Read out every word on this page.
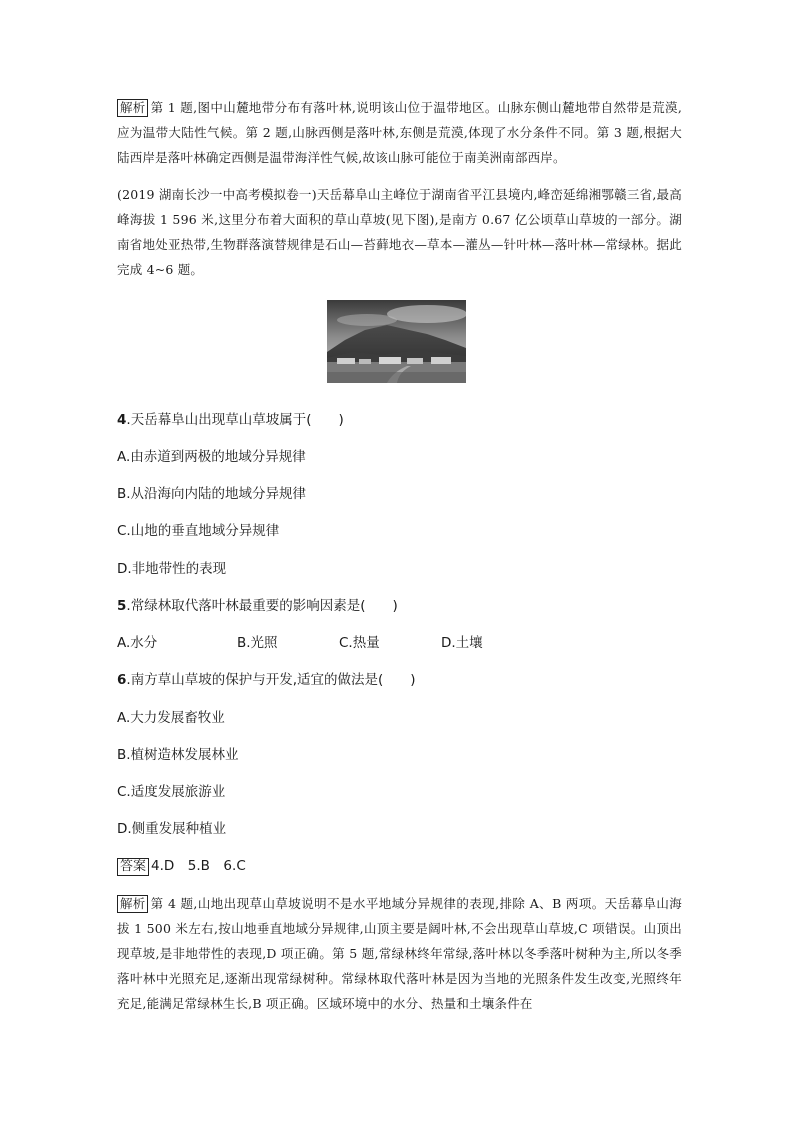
解析 第 1 题,图中山麓地带分布有落叶林,说明该山位于温带地区。山脉东侧山麓地带自然带是荒漠,应为温带大陆性气候。第 2 题,山脉西侧是落叶林,东侧是荒漠,体现了水分条件不同。第 3 题,根据大陆西岸是落叶林确定西侧是温带海洋性气候,故该山脉可能位于南美洲南部西岸。
(2019 湖南长沙一中高考模拟卷一)天岳幕阜山主峰位于湖南省平江县境内,峰峦延绵湘鄂赣三省,最高峰海拔 1 596 米,这里分布着大面积的草山草坡(见下图),是南方 0.67 亿公顷草山草坡的一部分。湖南省地处亚热带,生物群落演替规律是石山—苔藓地衣—草本—灌丛—针叶林—落叶林—常绿林。据此完成 4~6 题。
4.天岳幕阜山出现草山草坡属于(　　)
A.由赤道到两极的地域分异规律
B.从沿海向内陆的地域分异规律
C.山地的垂直地域分异规律
D.非地带性的表现
5.常绿林取代落叶林最重要的影响因素是(　　)
A.水分	B.光照	C.热量	D.土壤
6.南方草山草坡的保护与开发,适宜的做法是(　　)
A.大力发展畜牧业
B.植树造林发展林业
C.适度发展旅游业
D.侧重发展种植业
答案 4.D　5.B　6.C
解析 第 4 题,山地出现草山草坡说明不是水平地域分异规律的表现,排除 A、B 两项。天岳幕阜山海拔 1 500 米左右,按山地垂直地域分异规律,山顶主要是阔叶林,不会出现草山草坡,C 项错误。山顶出现草坡,是非地带性的表现,D 项正确。第 5 题,常绿林终年常绿,落叶林以冬季落叶树种为主,所以冬季落叶林中光照充足,逐渐出现常绿树种。常绿林取代落叶林是因为当地的光照条件发生改变,光照终年充足,能满足常绿林生长,B 项正确。区域环境中的水分、热量和土壤条件在
